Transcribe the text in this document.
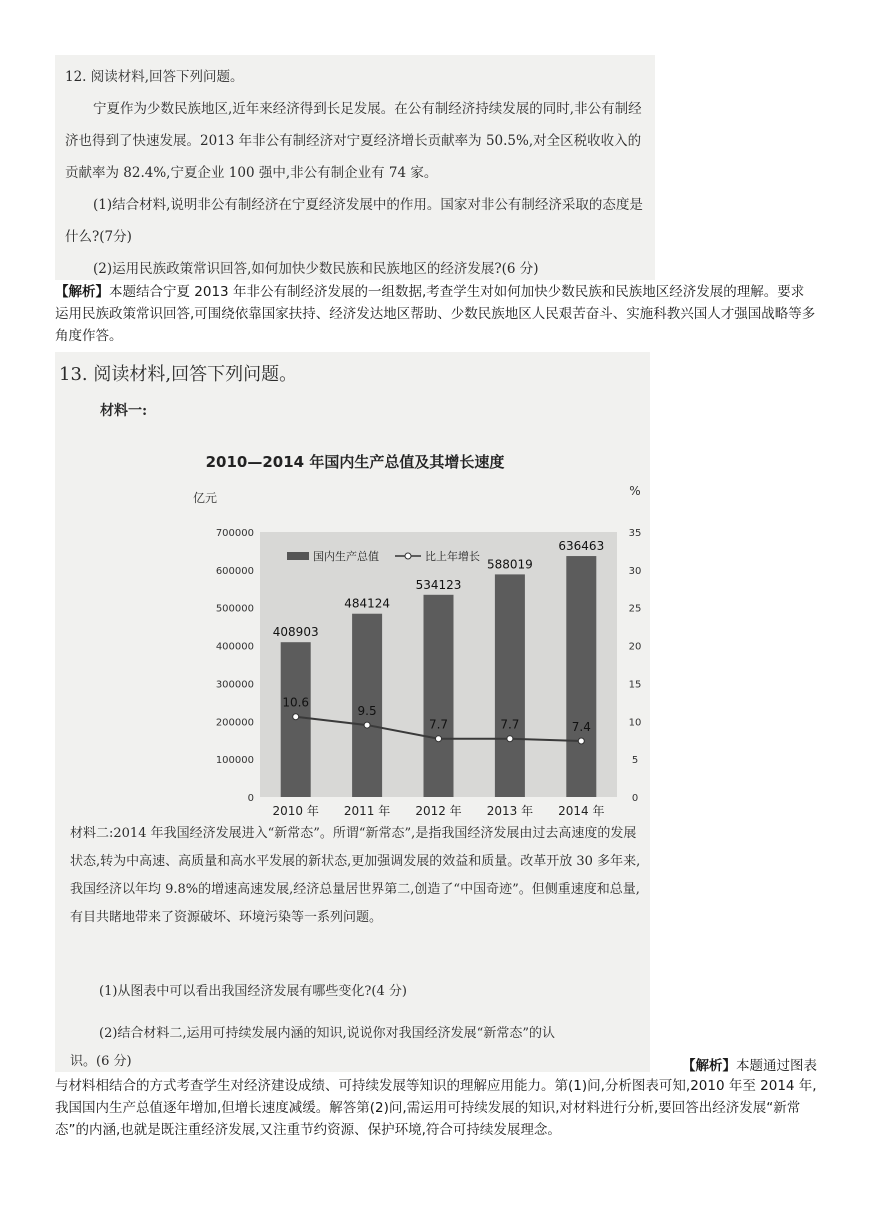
12. 阅读材料,回答下列问题。

宁夏作为少数民族地区,近年来经济得到长足发展。在公有制经济持续发展的同时,非公有制经济也得到了快速发展。2013 年非公有制经济对宁夏经济增长贡献率为 50.5%,对全区税收收入的贡献率为 82.4%,宁夏企业 100 强中,非公有制企业有 74 家。

(1)结合材料,说明非公有制经济在宁夏经济发展中的作用。国家对非公有制经济采取的态度是什么?(7分)

(2)运用民族政策常识回答,如何加快少数民族和民族地区的经济发展?(6 分)

【解析】本题结合宁夏 2013 年非公有制经济发展的一组数据,考查学生对如何加快少数民族和民族地区经济发展的理解。要求运用民族政策常识回答,可围绕依靠国家扶持、经济发达地区帮助、少数民族地区人民艰苦奋斗、实施科教兴国人才强国战略等多角度作答。

13. 阅读材料,回答下列问题。

材料一:

2010—2014 年国内生产总值及其增长速度
亿元	%
0
100000
200000
300000
400000
500000
600000
700000
0
5
10
15
20
25
30
35
408903
484124
534123
588019
636463
10.6
9.5
7.7	7.7	7.4
2010 年 2011 年 2012 年 2013 年 2014 年
国内生产总值	比上年增长

材料二:2014 年我国经济发展进入“新常态”。所谓“新常态”,是指我国经济发展由过去高速度的发展状态,转为中高速、高质量和高水平发展的新状态,更加强调发展的效益和质量。改革开放 30 多年来,我国经济以年均 9.8%的增速高速发展,经济总量居世界第二,创造了“中国奇迹”。但侧重速度和总量,有目共睹地带来了资源破坏、环境污染等一系列问题。

(1)从图表中可以看出我国经济发展有哪些变化?(4 分)

(2)结合材料二,运用可持续发展内涵的知识,说说你对我国经济发展“新常态”的认

识。(6 分)	【解析】本题通过图表

与材料相结合的方式考查学生对经济建设成绩、可持续发展等知识的理解应用能力。第(1)问,分析图表可知,2010 年至 2014 年,我国国内生产总值逐年增加,但增长速度减缓。解答第(2)问,需运用可持续发展的知识,对材料进行分析,要回答出经济发展“新常态”的内涵,也就是既注重经济发展,又注重节约资源、保护环境,符合可持续发展理念。
